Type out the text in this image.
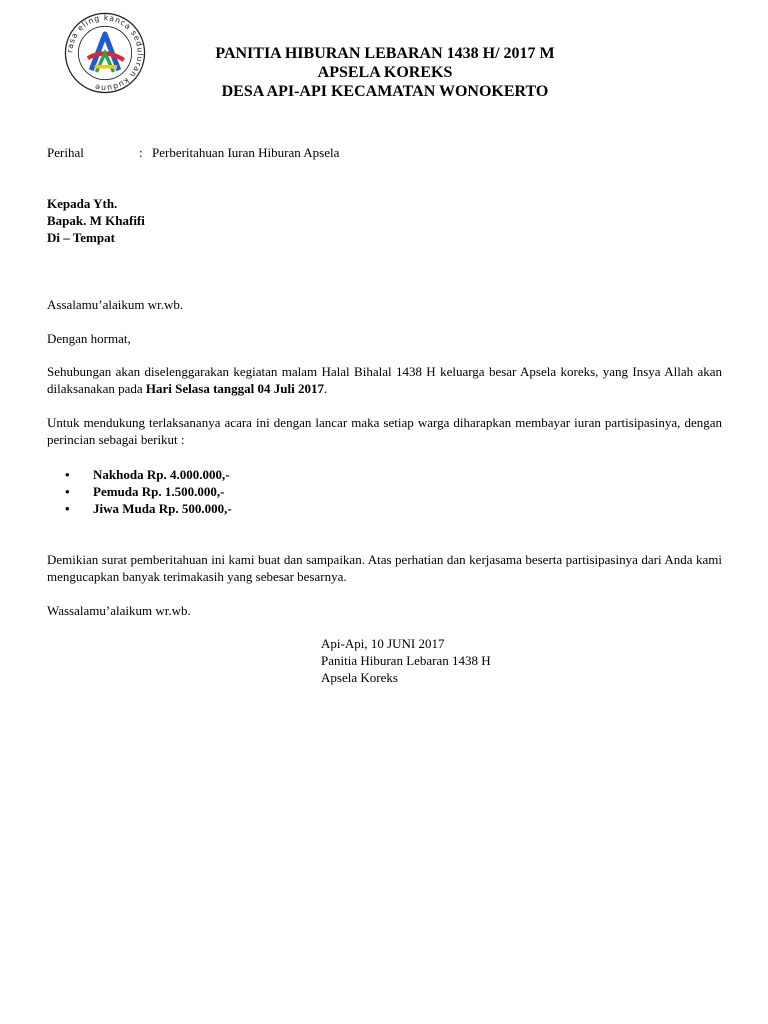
rasa eling kanca seduluran kudune
PANITIA HIBURAN LEBARAN 1438 H/ 2017 M
APSELA KOREKS
DESA API-API KECAMATAN WONOKERTO
Perihal	: Perberitahuan Iuran Hiburan Apsela
Kepada Yth.
Bapak. M Khafifi
Di – Tempat
Assalamu’alaikum wr.wb.
Dengan hormat,
Sehubungan akan diselenggarakan kegiatan malam Halal Bihalal 1438 H keluarga besar Apsela koreks, yang Insya Allah akan dilaksanakan pada Hari Selasa tanggal 04 Juli 2017.
Untuk mendukung terlaksananya acara ini dengan lancar maka setiap warga diharapkan membayar iuran partisipasinya, dengan perincian sebagai berikut :
• Nakhoda Rp. 4.000.000,-
• Pemuda Rp. 1.500.000,-
• Jiwa Muda Rp. 500.000,-
Demikian surat pemberitahuan ini kami buat dan sampaikan. Atas perhatian dan kerjasama beserta partisipasinya dari Anda kami mengucapkan banyak terimakasih yang sebesar besarnya.
Wassalamu’alaikum wr.wb.
Api-Api, 10 JUNI 2017
Panitia Hiburan Lebaran 1438 H
Apsela Koreks
